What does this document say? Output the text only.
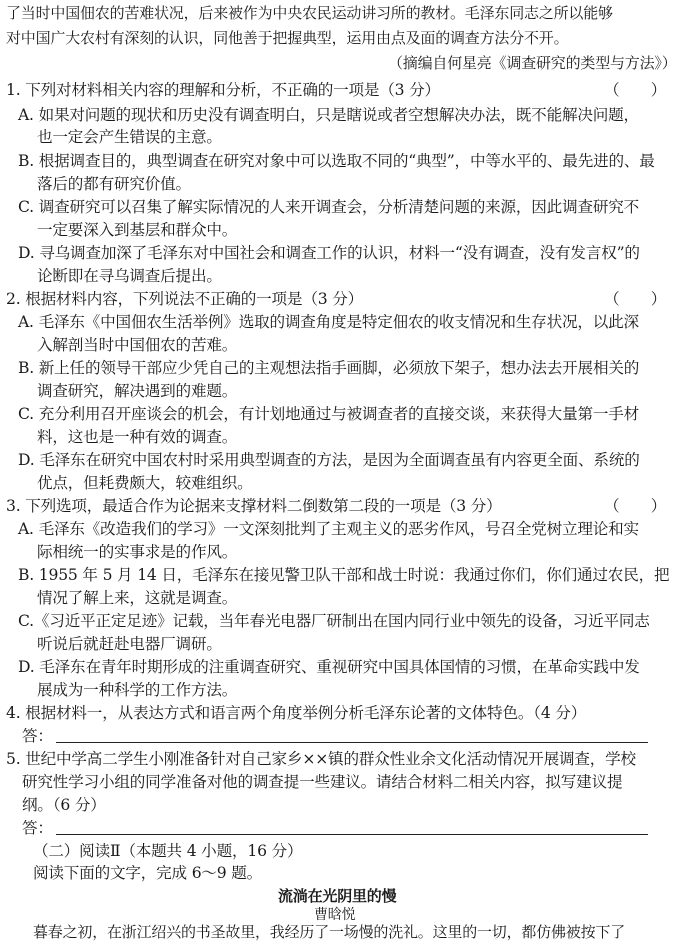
了当时中国佃农的苦难状况，后来被作为中央农民运动讲习所的教材。毛泽东同志之所以能够
对中国广大农村有深刻的认识，同他善于把握典型，运用由点及面的调查方法分不开。
（摘编自何星亮《调查研究的类型与方法》）
1. 下列对材料相关内容的理解和分析，不正确的一项是（3 分）	（　　）
A. 如果对问题的现状和历史没有调查明白，只是瞎说或者空想解决办法，既不能解决问题，
也一定会产生错误的主意。
B. 根据调查目的，典型调查在研究对象中可以选取不同的“典型”，中等水平的、最先进的、最
落后的都有研究价值。
C. 调查研究可以召集了解实际情况的人来开调查会，分析清楚问题的来源，因此调查研究不
一定要深入到基层和群众中。
D. 寻乌调查加深了毛泽东对中国社会和调查工作的认识，材料一“没有调查，没有发言权”的
论断即在寻乌调查后提出。
2. 根据材料内容，下列说法不正确的一项是（3 分）	（　　）
A. 毛泽东《中国佃农生活举例》选取的调查角度是特定佃农的收支情况和生存状况，以此深
入解剖当时中国佃农的苦难。
B. 新上任的领导干部应少凭自己的主观想法指手画脚，必须放下架子，想办法去开展相关的
调查研究，解决遇到的难题。
C. 充分利用召开座谈会的机会，有计划地通过与被调查者的直接交谈，来获得大量第一手材
料，这也是一种有效的调查。
D. 毛泽东在研究中国农村时采用典型调查的方法，是因为全面调查虽有内容更全面、系统的
优点，但耗费颇大，较难组织。
3. 下列选项，最适合作为论据来支撑材料二倒数第二段的一项是（3 分）	（　　）
A. 毛泽东《改造我们的学习》一文深刻批判了主观主义的恶劣作风，号召全党树立理论和实
际相统一的实事求是的作风。
B. 1955 年 5 月 14 日，毛泽东在接见警卫队干部和战士时说：我通过你们，你们通过农民，把
情况了解上来，这就是调查。
C.《习近平正定足迹》记载，当年春光电器厂研制出在国内同行业中领先的设备，习近平同志
听说后就赶赴电器厂调研。
D. 毛泽东在青年时期形成的注重调查研究、重视研究中国具体国情的习惯，在革命实践中发
展成为一种科学的工作方法。
4. 根据材料一，从表达方式和语言两个角度举例分析毛泽东论著的文体特色。（4 分）
答：
5. 世纪中学高二学生小刚准备针对自己家乡××镇的群众性业余文化活动情况开展调查，学校
研究性学习小组的同学准备对他的调查提一些建议。请结合材料二相关内容，拟写建议提
纲。（6 分）
答：
（二）阅读Ⅱ（本题共 4 小题，16 分）
阅读下面的文字，完成 6～9 题。
流淌在光阴里的慢
曹晗悦
暮春之初，在浙江绍兴的书圣故里，我经历了一场慢的洗礼。这里的一切，都仿佛被按下了
